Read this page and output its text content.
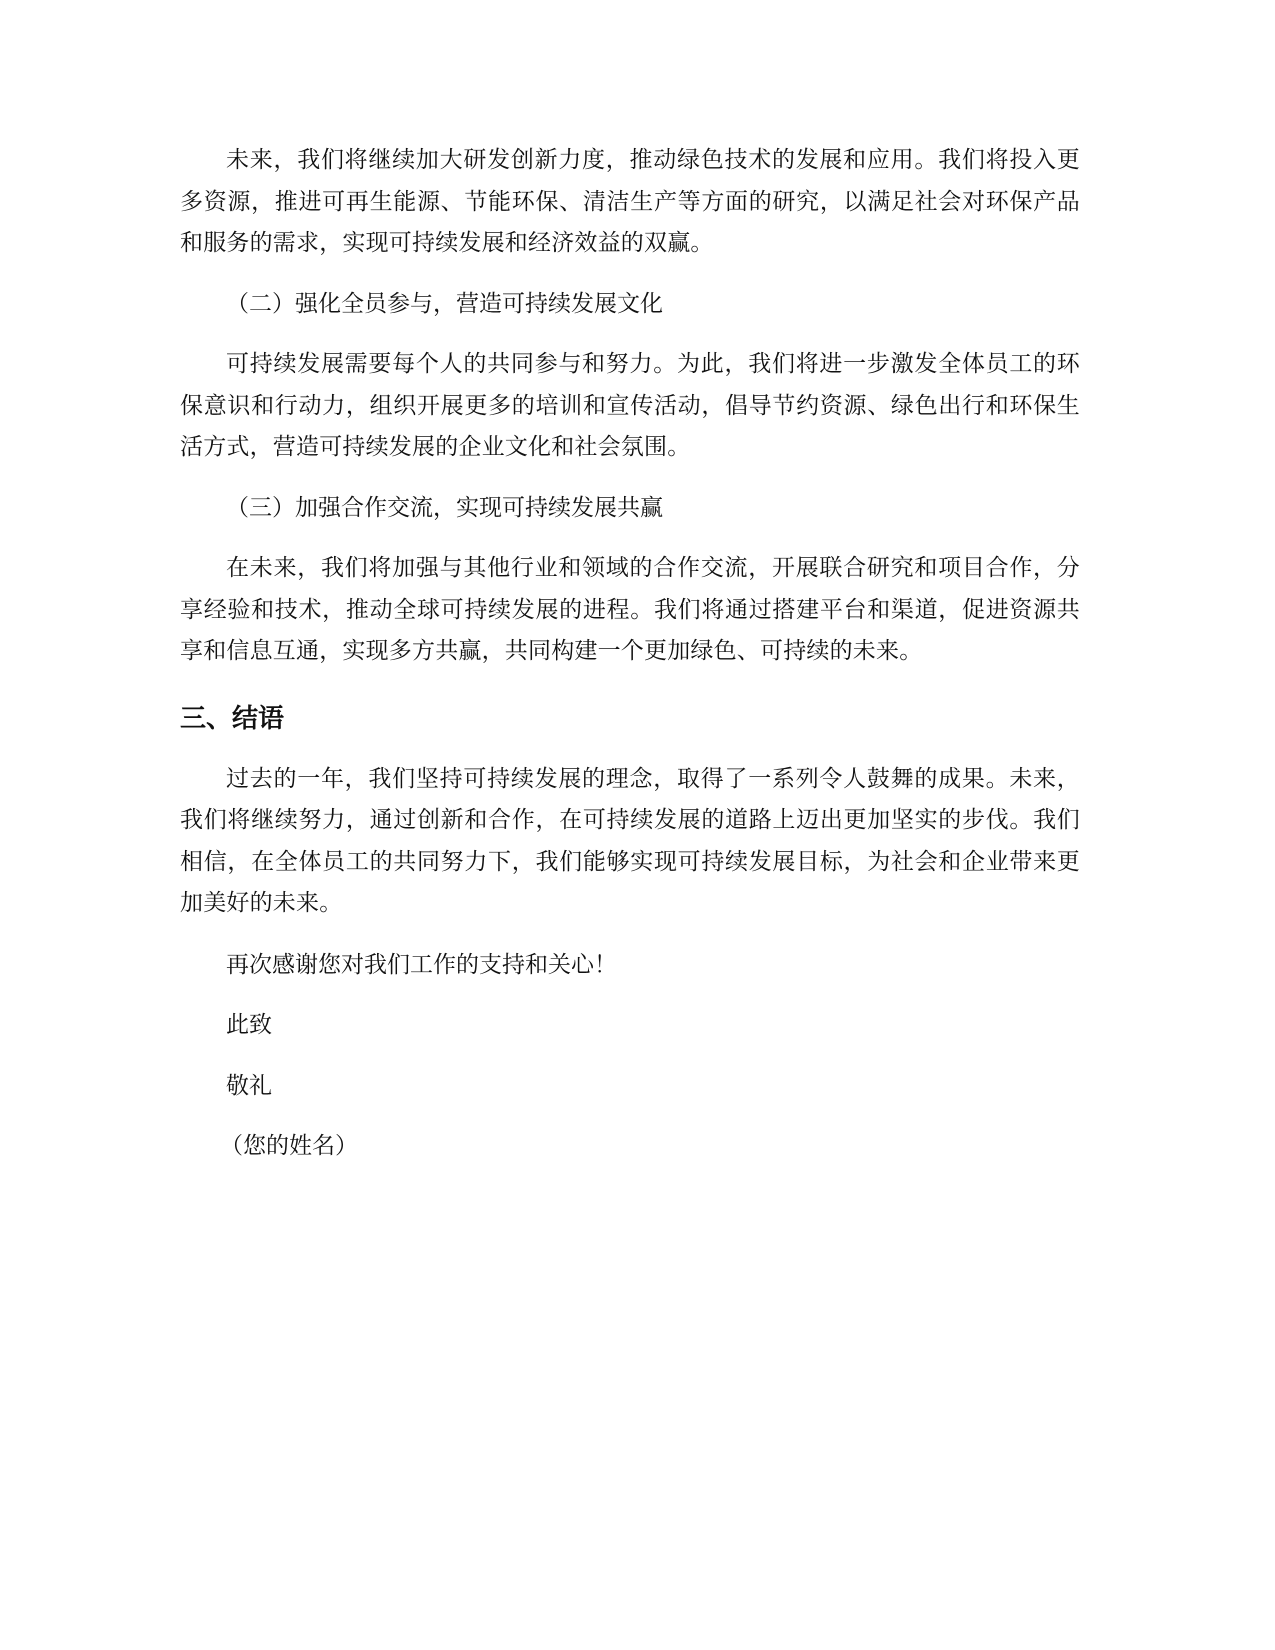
未来，我们将继续加大研发创新力度，推动绿色技术的发展和应用。我们将投入更多资源，推进可再生能源、节能环保、清洁生产等方面的研究，以满足社会对环保产品和服务的需求，实现可持续发展和经济效益的双赢。

（二）强化全员参与，营造可持续发展文化

可持续发展需要每个人的共同参与和努力。为此，我们将进一步激发全体员工的环保意识和行动力，组织开展更多的培训和宣传活动，倡导节约资源、绿色出行和环保生活方式，营造可持续发展的企业文化和社会氛围。

（三）加强合作交流，实现可持续发展共赢

在未来，我们将加强与其他行业和领域的合作交流，开展联合研究和项目合作，分享经验和技术，推动全球可持续发展的进程。我们将通过搭建平台和渠道，促进资源共享和信息互通，实现多方共赢，共同构建一个更加绿色、可持续的未来。

三、结语

过去的一年，我们坚持可持续发展的理念，取得了一系列令人鼓舞的成果。未来，我们将继续努力，通过创新和合作，在可持续发展的道路上迈出更加坚实的步伐。我们相信，在全体员工的共同努力下，我们能够实现可持续发展目标，为社会和企业带来更加美好的未来。

再次感谢您对我们工作的支持和关心！

此致

敬礼

（您的姓名）
